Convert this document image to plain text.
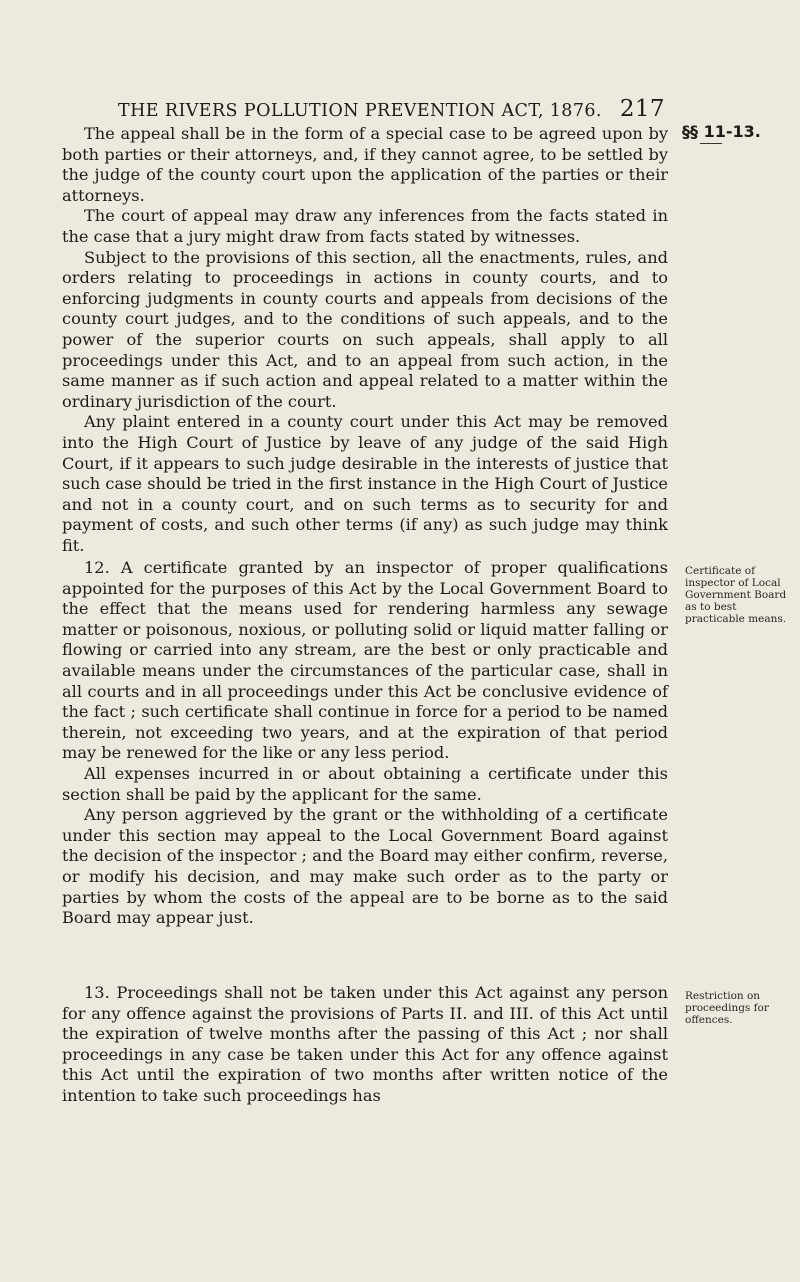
THE RIVERS POLLUTION PREVENTION ACT, 1876. 217
§§ 11-13.

The appeal shall be in the form of a special case to be agreed upon by both parties or their attorneys, and, if they cannot agree, to be settled by the judge of the county court upon the application of the parties or their attorneys.

The court of appeal may draw any inferences from the facts stated in the case that a jury might draw from facts stated by witnesses.

Subject to the provisions of this section, all the enactments, rules, and orders relating to proceedings in actions in county courts, and to enforcing judgments in county courts and appeals from decisions of the county court judges, and to the conditions of such appeals, and to the power of the superior courts on such appeals, shall apply to all proceedings under this Act, and to an appeal from such action, in the same manner as if such action and appeal related to a matter within the ordinary jurisdiction of the court.

Any plaint entered in a county court under this Act may be removed into the High Court of Justice by leave of any judge of the said High Court, if it appears to such judge desirable in the interests of justice that such case should be tried in the first instance in the High Court of Justice and not in a county court, and on such terms as to security for and payment of costs, and such other terms (if any) as such judge may think fit.

12. A certificate granted by an inspector of proper qualifications appointed for the purposes of this Act by the Local Government Board to the effect that the means used for rendering harmless any sewage matter or poisonous, noxious, or polluting solid or liquid matter falling or flowing or carried into any stream, are the best or only practicable and available means under the circumstances of the particular case, shall in all courts and in all proceedings under this Act be conclusive evidence of the fact ; such certificate shall continue in force for a period to be named therein, not exceeding two years, and at the expiration of that period may be renewed for the like or any less period.

All expenses incurred in or about obtaining a certificate under this section shall be paid by the applicant for the same.

Any person aggrieved by the grant or the withholding of a certificate under this section may appeal to the Local Government Board against the decision of the inspector ; and the Board may either confirm, reverse, or modify his decision, and may make such order as to the party or parties by whom the costs of the appeal are to be borne as to the said Board may appear just.

Certificate of inspector of Local Government Board as to best practicable means.

13. Proceedings shall not be taken under this Act against any person for any offence against the provisions of Parts II. and III. of this Act until the expiration of twelve months after the passing of this Act ; nor shall proceedings in any case be taken under this Act for any offence against this Act until the expiration of two months after written notice of the intention to take such proceedings has

Restriction on proceedings for offences.
